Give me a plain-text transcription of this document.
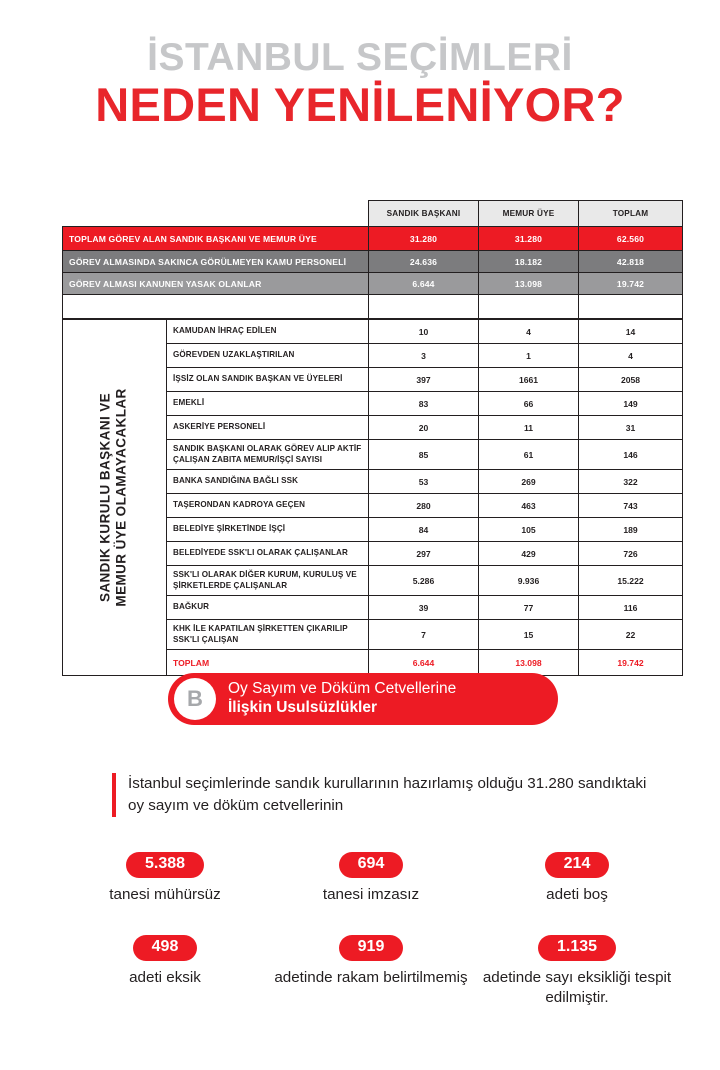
İSTANBUL SEÇİMLERİ
NEDEN YENİLENİYOR?
	SANDIK BAŞKANI	MEMUR ÜYE	TOPLAM
TOPLAM GÖREV ALAN SANDIK BAŞKANI VE MEMUR ÜYE	31.280	31.280	62.560
GÖREV ALMASINDA SAKINCA GÖRÜLMEYEN KAMU PERSONELİ	24.636	18.182	42.818
GÖREV ALMASI KANUNEN YASAK OLANLAR	6.644	13.098	19.742

SANDIK KURULU BAŞKANI VE
MEMUR ÜYE OLAMAYACAKLAR	KAMUDAN İHRAÇ EDİLEN	10	4	14
	GÖREVDEN UZAKLAŞTIRILAN	3	1	4
	İŞSİZ OLAN SANDIK BAŞKAN VE ÜYELERİ	397	1661	2058
	EMEKLİ	83	66	149
	ASKERİYE PERSONELİ	20	11	31
	SANDIK BAŞKANI OLARAK GÖREV ALIP AKTİF ÇALIŞAN ZABITA MEMUR/İŞÇİ SAYISI	85	61	146
	BANKA SANDIĞINA BAĞLI SSK	53	269	322
	TAŞERONDAN KADROYA GEÇEN	280	463	743
	BELEDİYE ŞİRKETİNDE İŞÇİ	84	105	189
	BELEDİYEDE SSK'LI OLARAK ÇALIŞANLAR	297	429	726
	SSK'LI OLARAK DİĞER KURUM, KURULUŞ VE ŞİRKETLERDE ÇALIŞANLAR	5.286	9.936	15.222
	BAĞKUR	39	77	116
	KHK İLE KAPATILAN ŞİRKETTEN ÇIKARILIP SSK'LI ÇALIŞAN	7	15	22
	TOPLAM	6.644	13.098	19.742
B Oy Sayım ve Döküm Cetvellerine
İlişkin Usulsüzlükler
İstanbul seçimlerinde sandık kurullarının hazırlamış olduğu 31.280 sandıktaki oy sayım ve döküm cetvellerinin
5.388
tanesi mühürsüz
694
tanesi imzasız
214
adeti boş
498
adeti eksik
919
adetinde rakam belirtilmemiş
1.135
adetinde sayı eksikliği tespit edilmiştir.
